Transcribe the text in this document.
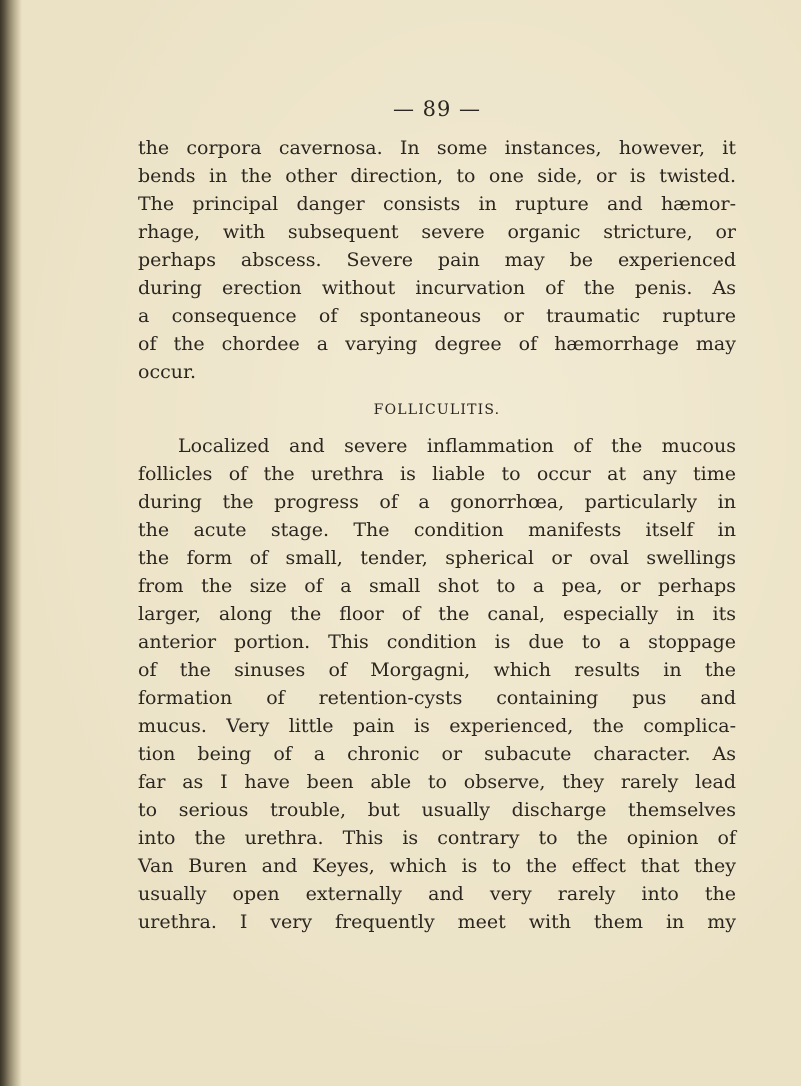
— 89 —

the corpora cavernosa. In some instances, however, it
bends in the other direction, to one side, or is twisted.
The principal danger consists in rupture and hæmor-
rhage, with subsequent severe organic stricture, or
perhaps abscess. Severe pain may be experienced
during erection without incurvation of the penis. As
a consequence of spontaneous or traumatic rupture
of the chordee a varying degree of hæmorrhage may
occur.

FOLLICULITIS.

Localized and severe inflammation of the mucous
follicles of the urethra is liable to occur at any time
during the progress of a gonorrhœa, particularly in
the acute stage. The condition manifests itself in
the form of small, tender, spherical or oval swellings
from the size of a small shot to a pea, or perhaps
larger, along the floor of the canal, especially in its
anterior portion. This condition is due to a stoppage
of the sinuses of Morgagni, which results in the
formation of retention-cysts containing pus and
mucus. Very little pain is experienced, the complica-
tion being of a chronic or subacute character. As
far as I have been able to observe, they rarely lead
to serious trouble, but usually discharge themselves
into the urethra. This is contrary to the opinion of
Van Buren and Keyes, which is to the effect that they
usually open externally and very rarely into the
urethra. I very frequently meet with them in my
